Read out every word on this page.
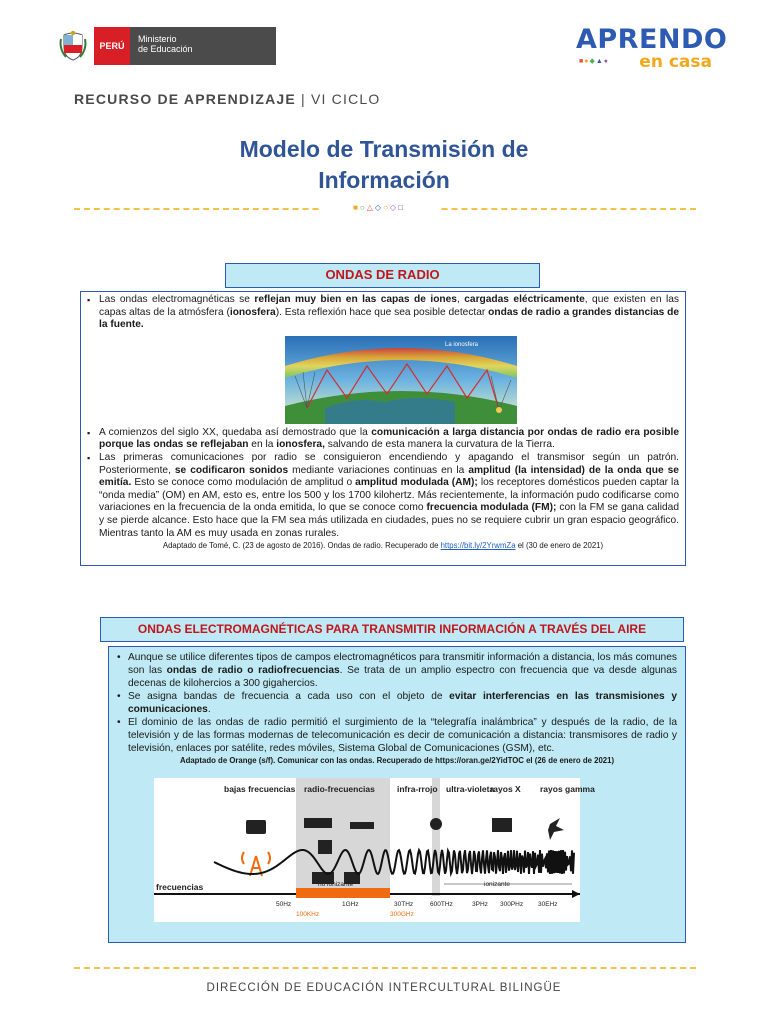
PERÚ
Ministerio
de Educación	APRENDO
■●◆▲● en casa
RECURSO DE APRENDIZAJE | VI CICLO
Modelo de Transmisión de
Información
■○△◇○◇□
ONDAS DE RADIO
▪ Las ondas electromagnéticas se reflejan muy bien en las capas de iones, cargadas eléctricamente, que existen en las capas altas de la atmósfera (ionosfera). Esta reflexión hace que sea posible detectar ondas de radio a grandes distancias de la fuente.
La ionosfera
▪ A comienzos del siglo XX, quedaba así demostrado que la comunicación a larga distancia por ondas de radio era posible porque las ondas se reflejaban en la ionosfera, salvando de esta manera la curvatura de la Tierra.
▪ Las primeras comunicaciones por radio se consiguieron encendiendo y apagando el transmisor según un patrón. Posteriormente, se codificaron sonidos mediante variaciones continuas en la amplitud (la intensidad) de la onda que se emitía. Esto se conoce como modulación de amplitud o amplitud modulada (AM); los receptores domésticos pueden captar la “onda media” (OM) en AM, esto es, entre los 500 y los 1700 kilohertz. Más recientemente, la información pudo codificarse como variaciones en la frecuencia de la onda emitida, lo que se conoce como frecuencia modulada (FM); con la FM se gana calidad y se pierde alcance. Esto hace que la FM sea más utilizada en ciudades, pues no se requiere cubrir un gran espacio geográfico. Mientras tanto la AM es muy usada en zonas rurales.
Adaptado de Tomé, C. (23 de agosto de 2016). Ondas de radio. Recuperado de https://bit.ly/2YrwmZa el (30 de enero de 2021)
ONDAS ELECTROMAGNÉTICAS PARA TRANSMITIR INFORMACIÓN A TRAVÉS DEL AIRE
• Aunque se utilice diferentes tipos de campos electromagnéticos para transmitir información a distancia, los más comunes son las ondas de radio o radiofrecuencias. Se trata de un amplio espectro con frecuencia que va desde algunas decenas de kilohercios a 300 gigahercios.
• Se asigna bandas de frecuencia a cada uso con el objeto de evitar interferencias en las transmisiones y comunicaciones.
• El dominio de las ondas de radio permitió el surgimiento de la “telegrafía inalámbrica” y después de la radio, de la televisión y de las formas modernas de telecomunicación es decir de comunicación a distancia: transmisores de radio y televisión, enlaces por satélite, redes móviles, Sistema Global de Comunicaciones (GSM), etc.
Adaptado de Orange (s/f). Comunicar con las ondas. Recuperado de https://oran.ge/2YidTOC el (26 de enero de 2021)
bajas frecuencias radio-frecuencias	infra-rrojo ultra-violeta
rayos X rayos gamma
frecuencias	no ionizante	ionizante
50Hz	1GHz	30THz	600THz	3PHz 300PHz 30EHz
100KHz	300GHz
DIRECCIÓN DE EDUCACIÓN INTERCULTURAL BILINGÜE
